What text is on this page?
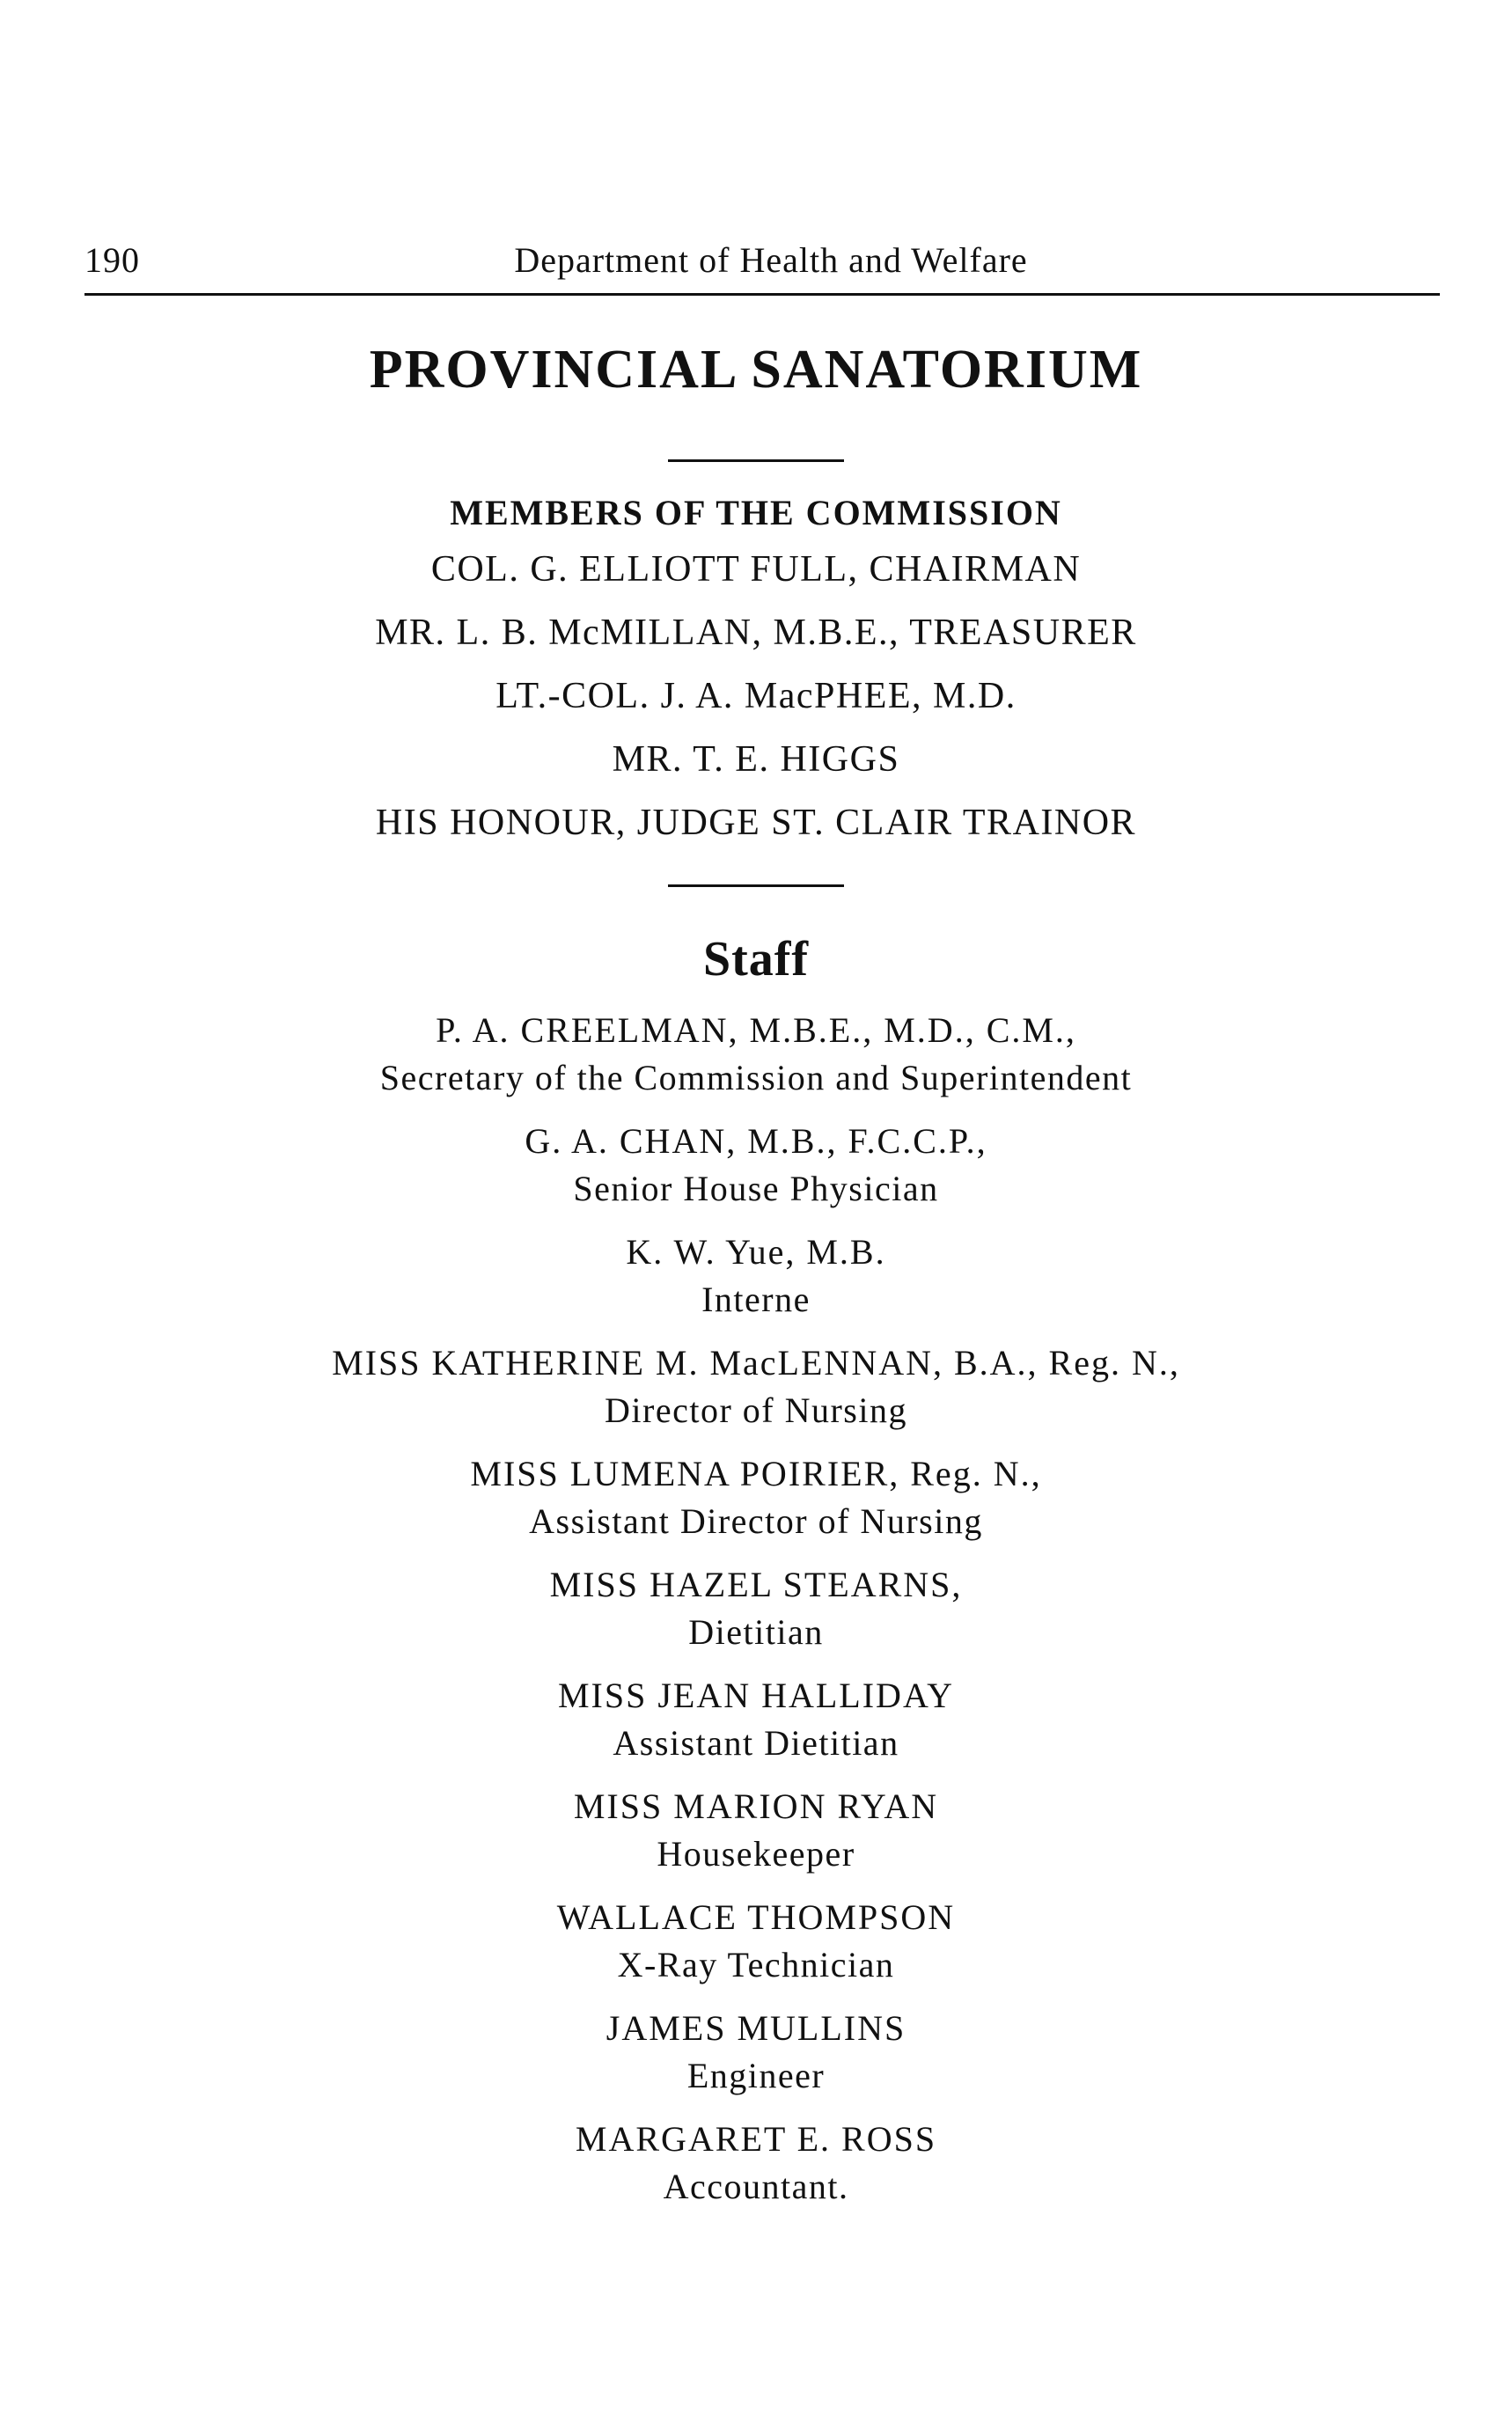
190	Department of Health and Welfare
PROVINCIAL SANATORIUM
MEMBERS OF THE COMMISSION
COL. G. ELLIOTT FULL, CHAIRMAN
MR. L. B. McMILLAN, M.B.E., TREASURER
LT.-COL. J. A. MacPHEE, M.D.
MR. T. E. HIGGS
HIS HONOUR, JUDGE ST. CLAIR TRAINOR
Staff
P. A. CREELMAN, M.B.E., M.D., C.M.,
Secretary of the Commission and Superintendent
G. A. CHAN, M.B., F.C.C.P.,
Senior House Physician
K. W. Yue, M.B.
Interne
MISS KATHERINE M. MacLENNAN, B.A., Reg. N.,
Director of Nursing
MISS LUMENA POIRIER, Reg. N.,
Assistant Director of Nursing
MISS HAZEL STEARNS,
Dietitian
MISS JEAN HALLIDAY
Assistant Dietitian
MISS MARION RYAN
Housekeeper
WALLACE THOMPSON
X-Ray Technician
JAMES MULLINS
Engineer
MARGARET E. ROSS
Accountant.
